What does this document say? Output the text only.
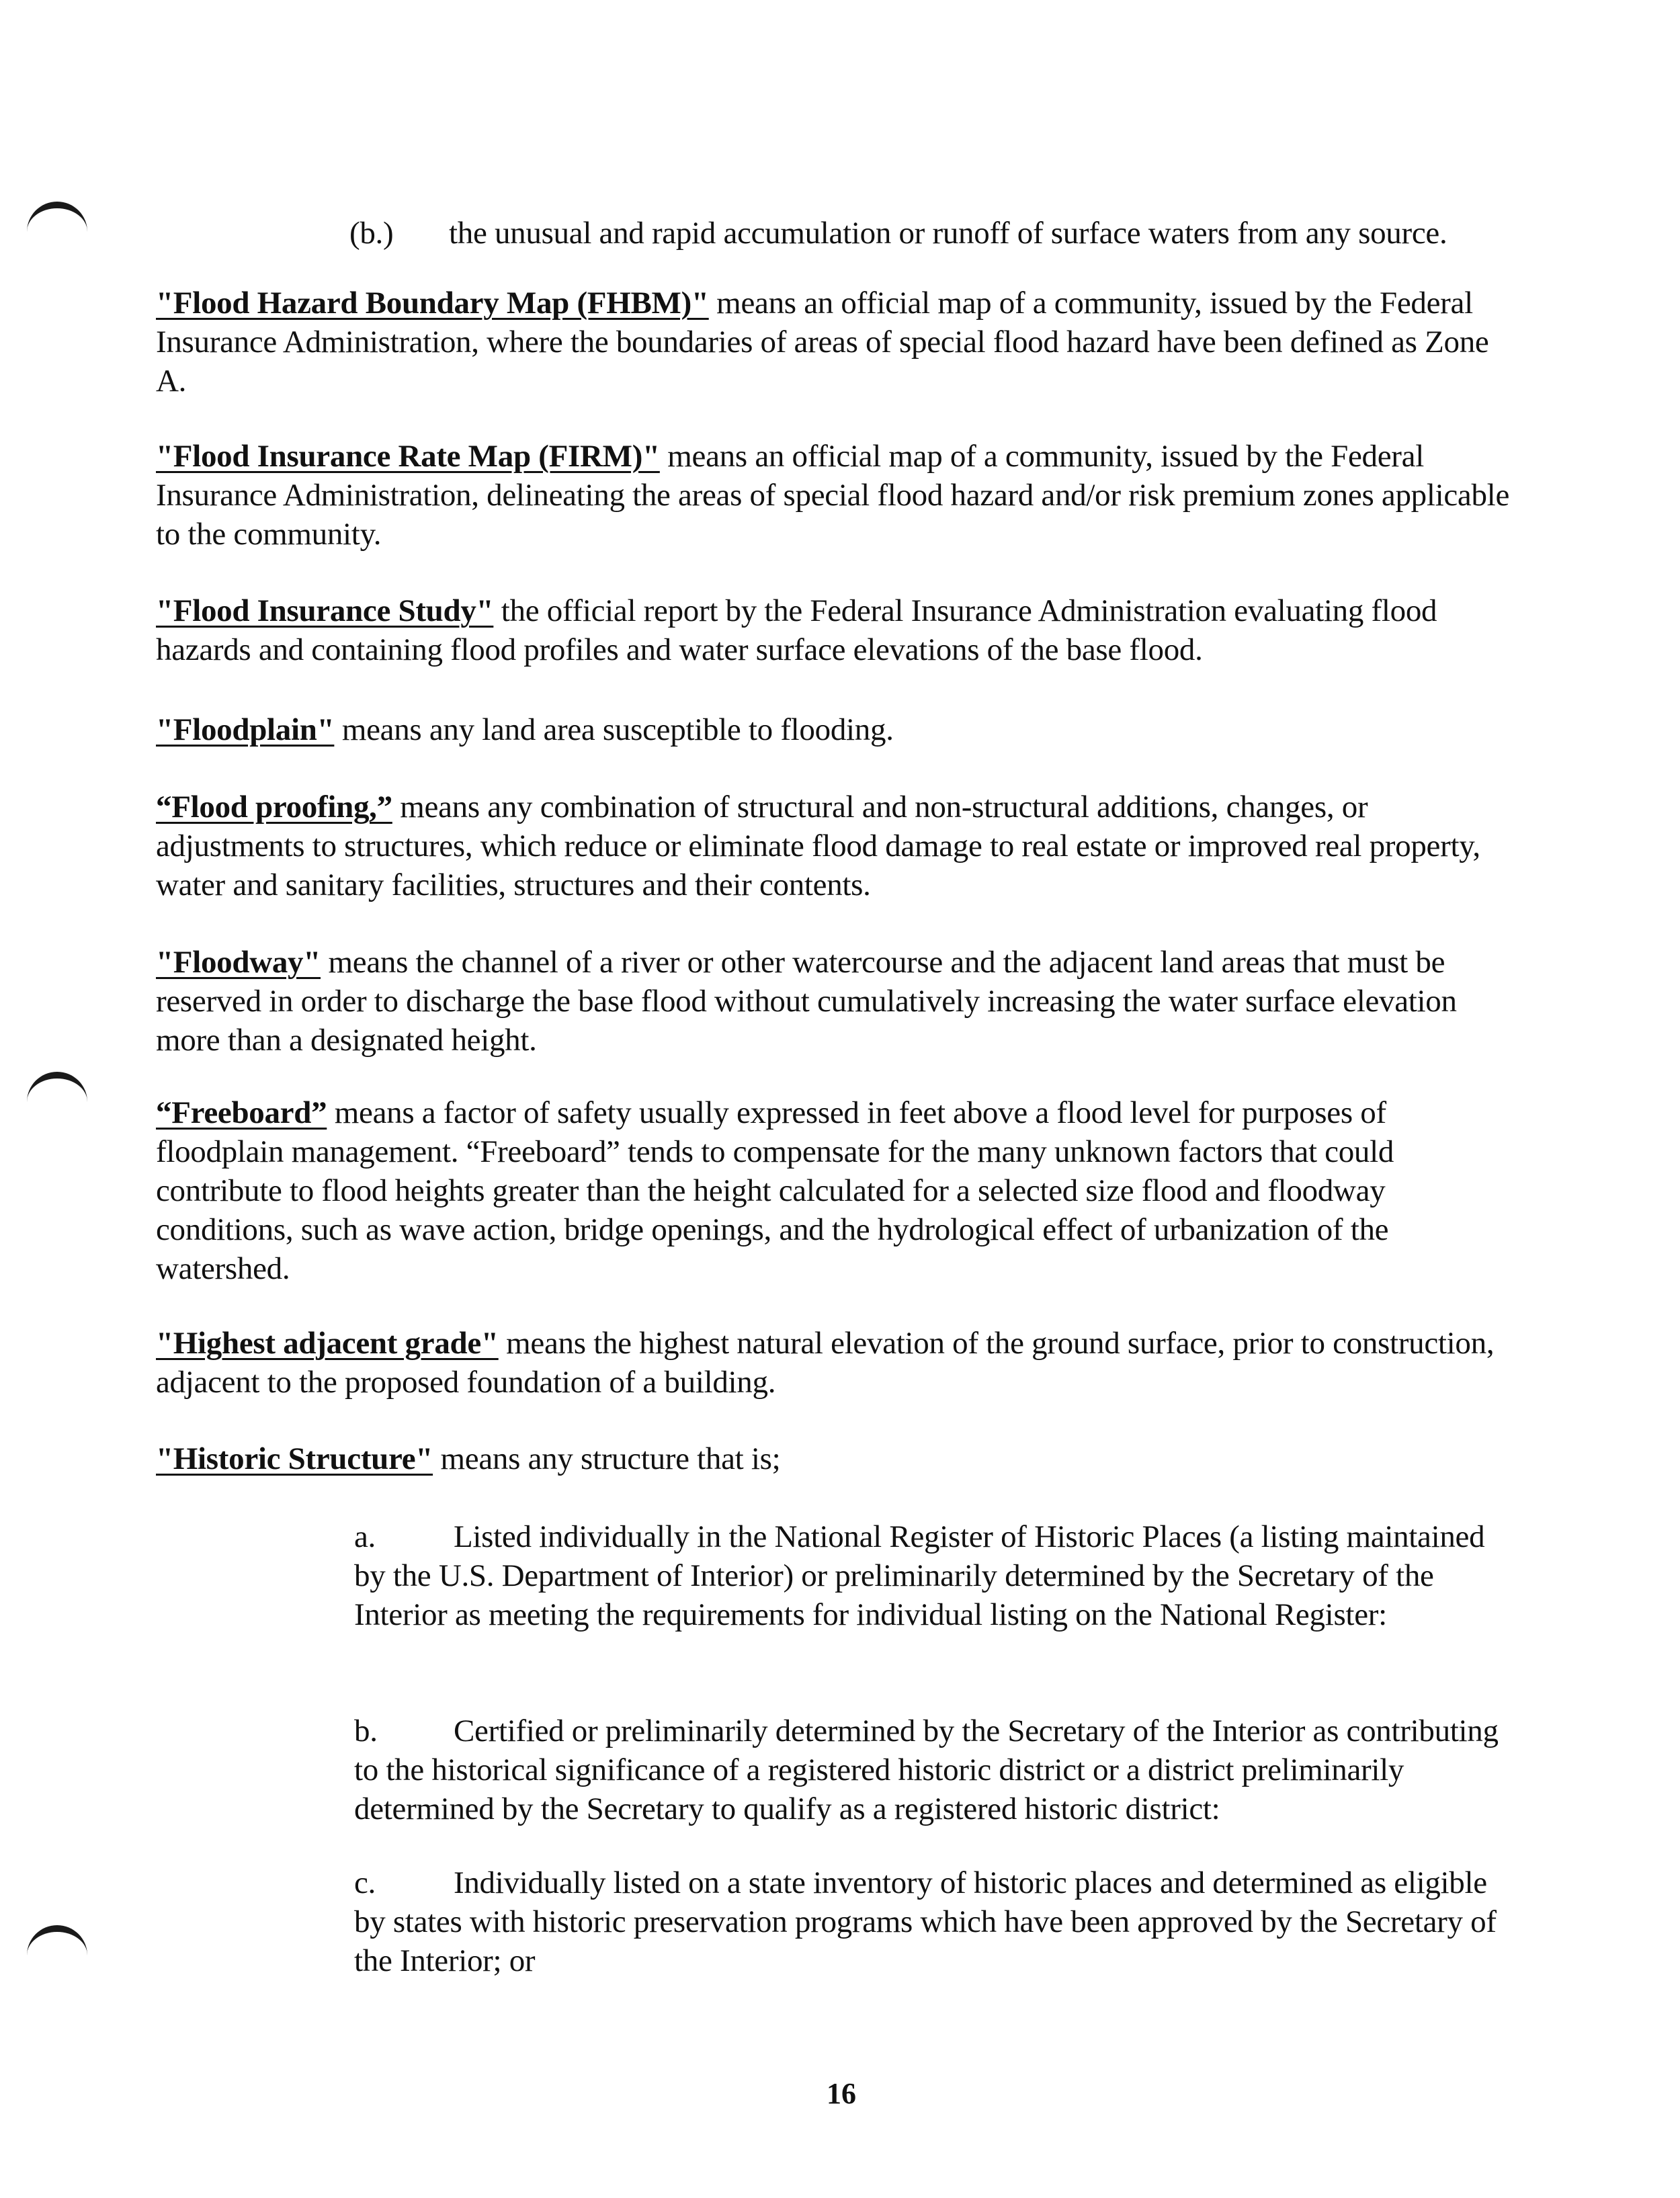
(b.)	the unusual and rapid accumulation or runoff of surface waters from any source.
"Flood Hazard Boundary Map (FHBM)" means an official map of a community, issued by the Federal Insurance Administration, where the boundaries of areas of special flood hazard have been defined as Zone A.
"Flood Insurance Rate Map (FIRM)" means an official map of a community, issued by the Federal Insurance Administration, delineating the areas of special flood hazard and/or risk premium zones applicable to the community.
"Flood Insurance Study" the official report by the Federal Insurance Administration evaluating flood hazards and containing flood profiles and water surface elevations of the base flood.
"Floodplain" means any land area susceptible to flooding.
“Flood proofing,” means any combination of structural and non-structural additions, changes, or adjustments to structures, which reduce or eliminate flood damage to real estate or improved real property, water and sanitary facilities, structures and their contents.
"Floodway" means the channel of a river or other watercourse and the adjacent land areas that must be reserved in order to discharge the base flood without cumulatively increasing the water surface elevation more than a designated height.
“Freeboard” means a factor of safety usually expressed in feet above a flood level for purposes of floodplain management. “Freeboard” tends to compensate for the many unknown factors that could contribute to flood heights greater than the height calculated for a selected size flood and floodway conditions, such as wave action, bridge openings, and the hydrological effect of urbanization of the watershed.
"Highest adjacent grade" means the highest natural elevation of the ground surface, prior to construction, adjacent to the proposed foundation of a building.
"Historic Structure" means any structure that is;
a. Listed individually in the National Register of Historic Places (a listing maintained by the U.S. Department of Interior) or preliminarily determined by the Secretary of the Interior as meeting the requirements for individual listing on the National Register:
b. Certified or preliminarily determined by the Secretary of the Interior as contributing to the historical significance of a registered historic district or a district preliminarily determined by the Secretary to qualify as a registered historic district:
c. Individually listed on a state inventory of historic places and determined as eligible by states with historic preservation programs which have been approved by the Secretary of the Interior; or
16
